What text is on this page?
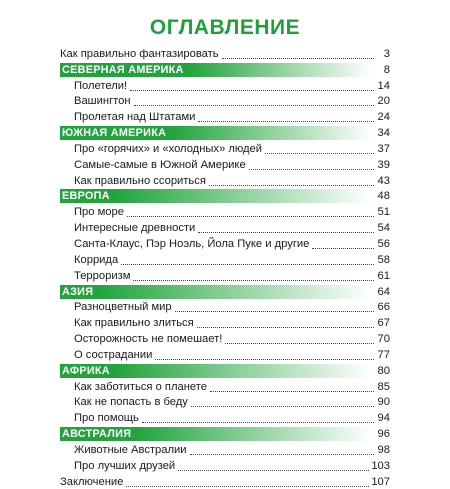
ОГЛАВЛЕНИЕ
Как правильно фантазировать	3
СЕВЕРНАЯ АМЕРИКА	8
Полетели!	14
Вашингтон	20
Пролетая над Штатами	24
ЮЖНАЯ АМЕРИКА	34
Про «горячих» и «холодных» людей	37
Самые-самые в Южной Америке	39
Как правильно ссориться	43
ЕВРОПА	48
Про море	51
Интересные древности	54
Санта-Клаус, Пэр Ноэль, Йола Пуке и другие	56
Коррида	58
Терроризм	61
АЗИЯ	64
Разноцветный мир	66
Как правильно злиться	67
Осторожность не помешает!	70
О сострадании	77
АФРИКА	80
Как заботиться о планете	85
Как не попасть в беду	90
Про помощь	94
АВСТРАЛИЯ	96
Животные Австралии	98
Про лучших друзей	103
Заключение	107
